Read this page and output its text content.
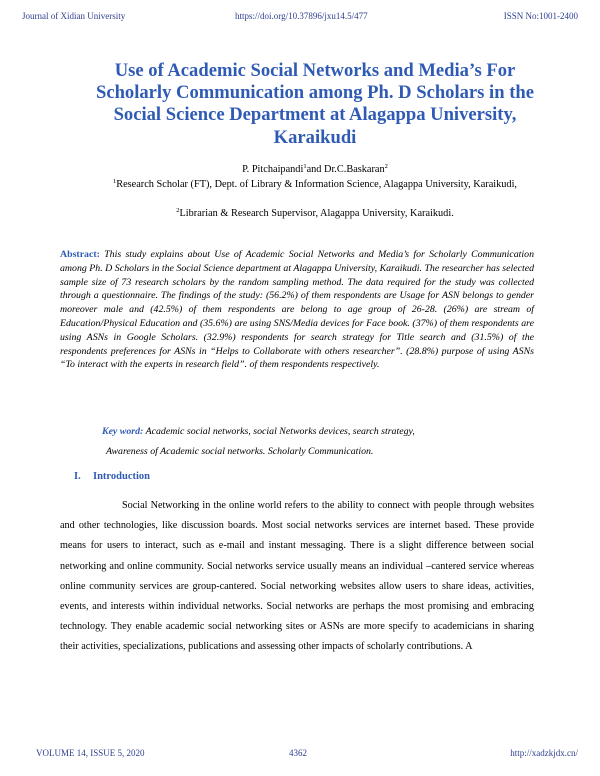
Journal of Xidian University	https://doi.org/10.37896/jxu14.5/477	ISSN No:1001-2400
Use of Academic Social Networks and Media’s For Scholarly Communication among Ph. D Scholars in the Social Science Department at Alagappa University, Karaikudi
P. Pitchaipandi$^1$and Dr.C.Baskaran$^2$
$^1$Research Scholar (FT), Dept. of Library & Information Science, Alagappa University, Karaikudi,
$^2$Librarian & Research Supervisor, Alagappa University, Karaikudi.
Abstract: This study explains about Use of Academic Social Networks and Media’s for Scholarly Communication among Ph. D Scholars in the Social Science department at Alagappa University, Karaikudi. The researcher has selected sample size of 73 research scholars by the random sampling method. The data required for the study was collected through a questionnaire. The findings of the study: (56.2%) of them respondents are Usage for ASN belongs to gender moreover male and (42.5%) of them respondents are belong to age group of 26-28. (26%) are stream of Education/Physical Education and (35.6%) are using SNS/Media devices for Face book. (37%) of them respondents are using ASNs in Google Scholars. (32.9%) respondents for search strategy for Title search and (31.5%) of the respondents preferences for ASNs in “Helps to Collaborate with others researcher”. (28.8%) purpose of using ASNs “To interact with the experts in research field”. of them respondents respectively.
Key word: Academic social networks, social Networks devices, search strategy,
Awareness of Academic social networks. Scholarly Communication.
I. Introduction
Social Networking in the online world refers to the ability to connect with people through websites and other technologies, like discussion boards. Most social networks services are internet based. These provide means for users to interact, such as e-mail and instant messaging. There is a slight difference between social networking and online community. Social networks service usually means an individual –cantered service whereas online community services are group-cantered. Social networking websites allow users to share ideas, activities, events, and interests within individual networks. Social networks are perhaps the most promising and embracing technology. They enable academic social networking sites or ASNs are more specify to academicians in sharing their activities, specializations, publications and assessing other impacts of scholarly contributions. A
VOLUME 14, ISSUE 5, 2020	4362	http://xadzkjdx.cn/
